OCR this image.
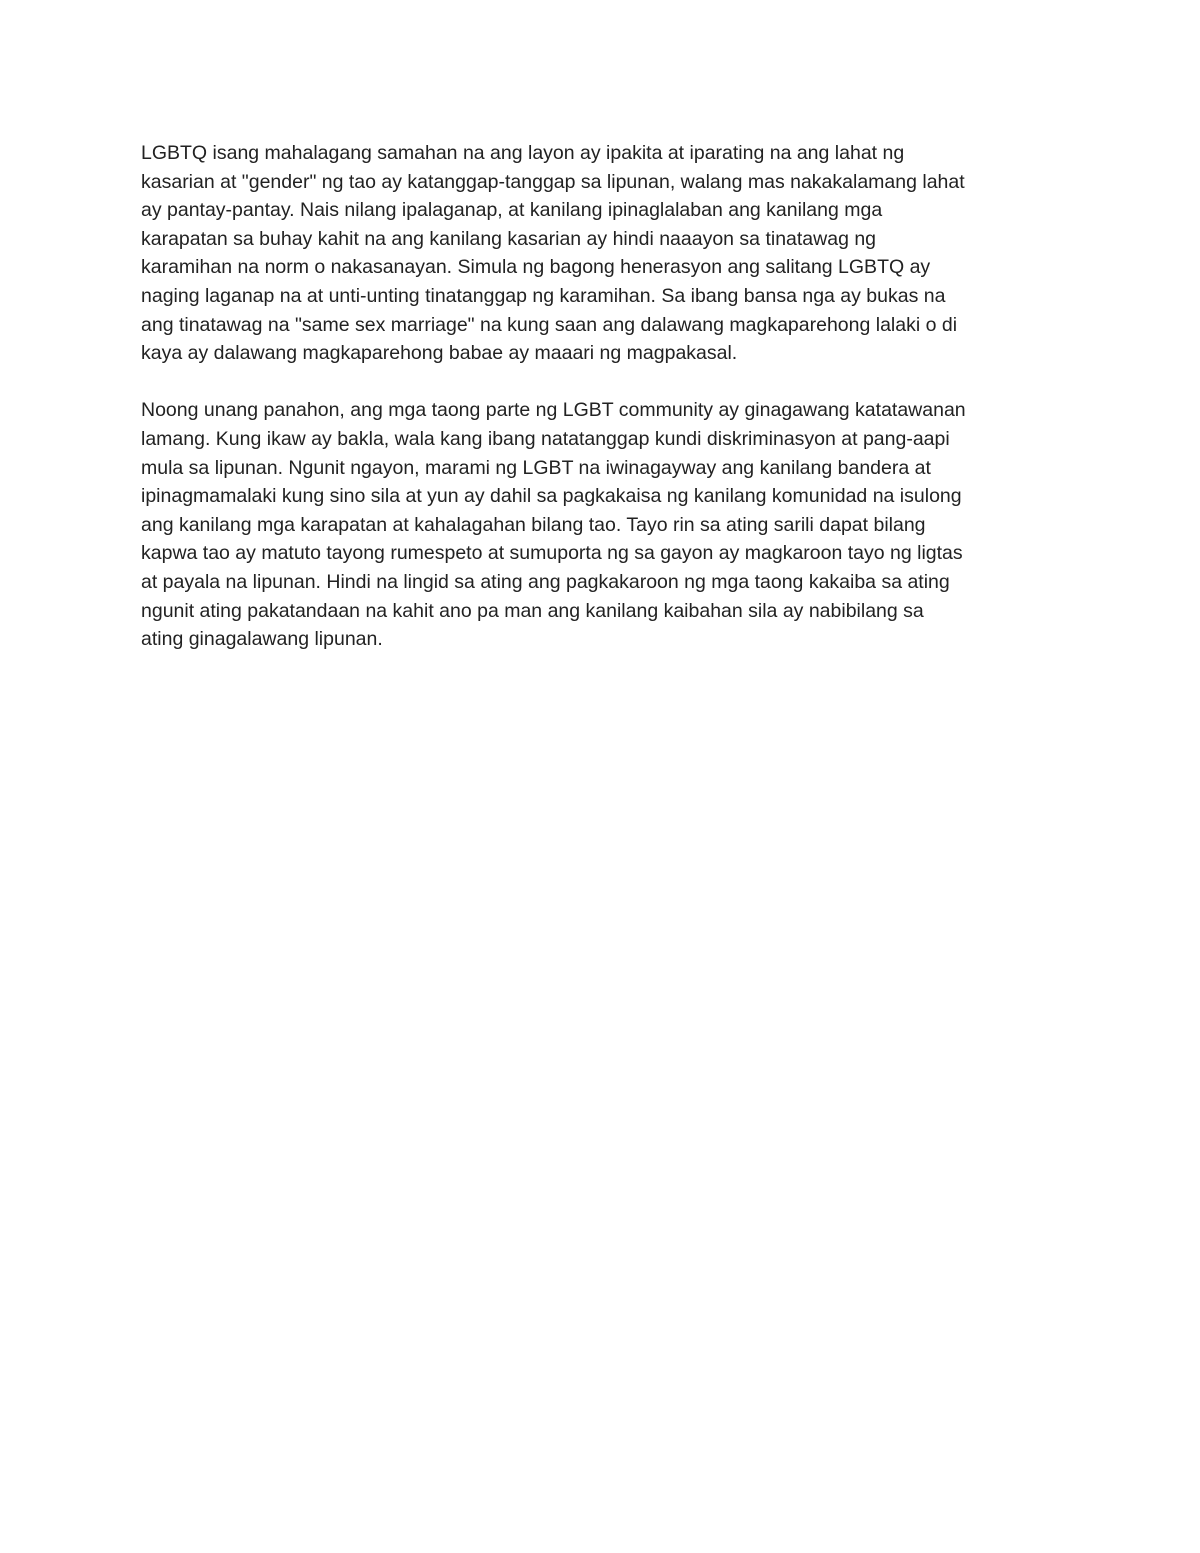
LGBTQ isang mahalagang samahan na ang layon ay ipakita at iparating na ang lahat ng
kasarian at "gender" ng tao ay katanggap-tanggap sa lipunan, walang mas nakakalamang lahat
ay pantay-pantay. Nais nilang ipalaganap, at kanilang ipinaglalaban ang kanilang mga
karapatan sa buhay kahit na ang kanilang kasarian ay hindi naaayon sa tinatawag ng
karamihan na norm o nakasanayan. Simula ng bagong henerasyon ang salitang LGBTQ ay
naging laganap na at unti-unting tinatanggap ng karamihan. Sa ibang bansa nga ay bukas na
ang tinatawag na "same sex marriage" na kung saan ang dalawang magkaparehong lalaki o di
kaya ay dalawang magkaparehong babae ay maaari ng magpakasal.

Noong unang panahon, ang mga taong parte ng LGBT community ay ginagawang katatawanan
lamang. Kung ikaw ay bakla, wala kang ibang natatanggap kundi diskriminasyon at pang-aapi
mula sa lipunan. Ngunit ngayon, marami ng LGBT na iwinagayway ang kanilang bandera at
ipinagmamalaki kung sino sila at yun ay dahil sa pagkakaisa ng kanilang komunidad na isulong
ang kanilang mga karapatan at kahalagahan bilang tao. Tayo rin sa ating sarili dapat bilang
kapwa tao ay matuto tayong rumespeto at sumuporta ng sa gayon ay magkaroon tayo ng ligtas
at payala na lipunan. Hindi na lingid sa ating ang pagkakaroon ng mga taong kakaiba sa ating
ngunit ating pakatandaan na kahit ano pa man ang kanilang kaibahan sila ay nabibilang sa
ating ginagalawang lipunan.
